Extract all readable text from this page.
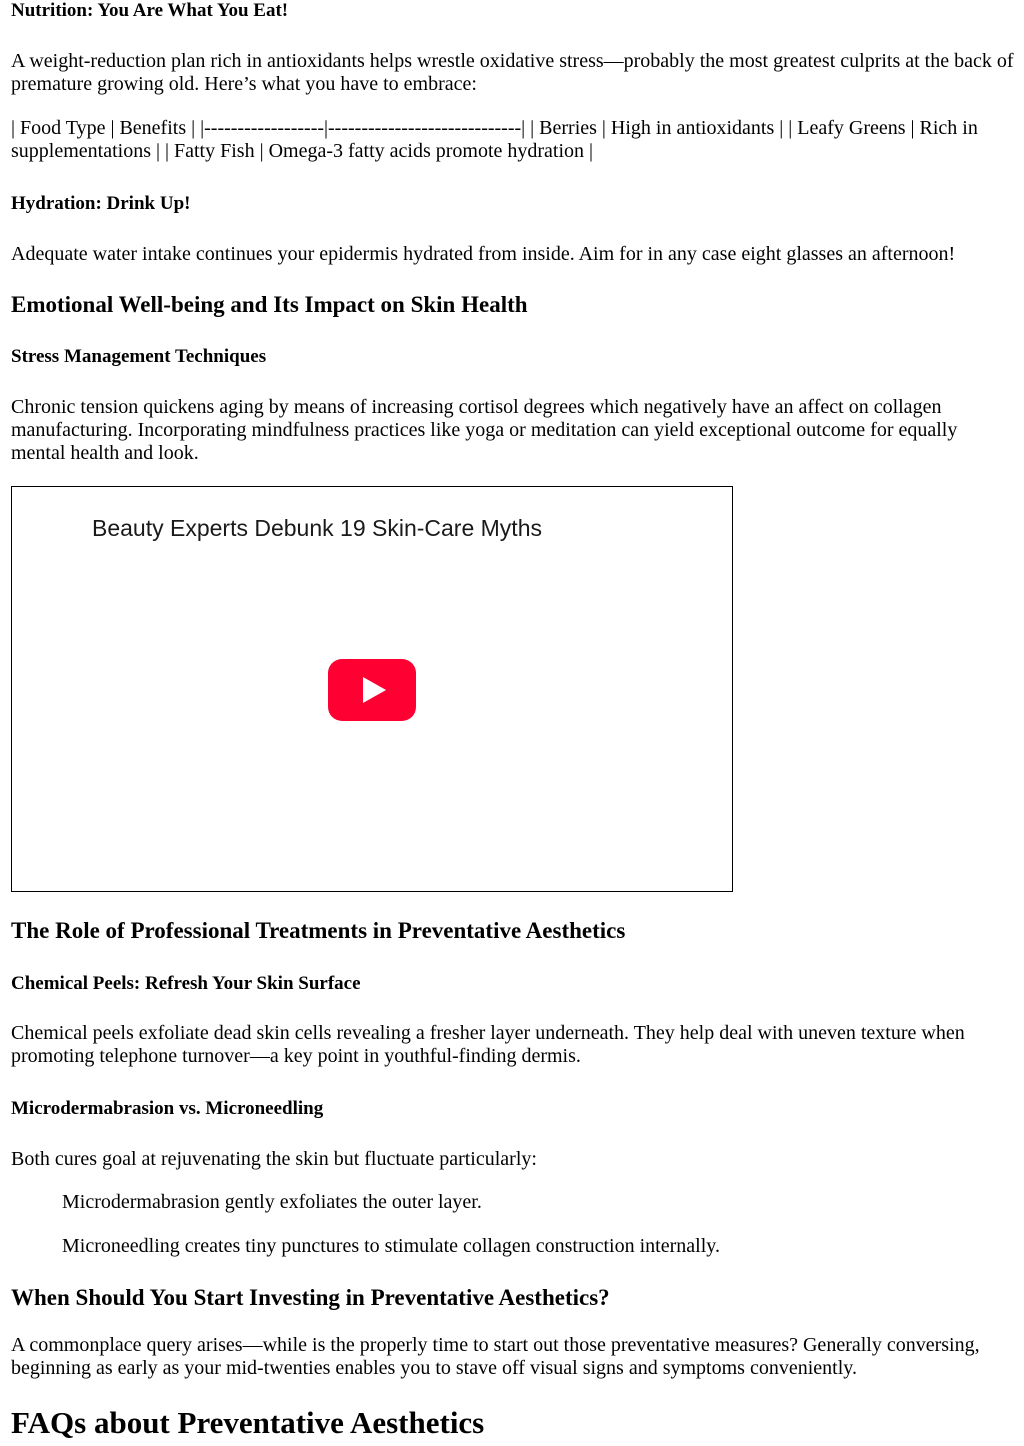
Nutrition: You Are What You Eat!

A weight-reduction plan rich in antioxidants helps wrestle oxidative stress—probably the most greatest culprits at the back of premature growing old. Here’s what you have to embrace:

| Food Type | Benefits | |------------------|-----------------------------| | Berries | High in antioxidants | | Leafy Greens | Rich in supplementations | | Fatty Fish | Omega-3 fatty acids promote hydration |

Hydration: Drink Up!

Adequate water intake continues your epidermis hydrated from inside. Aim for in any case eight glasses an afternoon!

Emotional Well-being and Its Impact on Skin Health
Stress Management Techniques

Chronic tension quickens aging by means of increasing cortisol degrees which negatively have an affect on collagen manufacturing. Incorporating mindfulness practices like yoga or meditation can yield exceptional outcome for equally mental health and look.

Beauty Experts Debunk 19 Skin-Care Myths
The Role of Professional Treatments in Preventative Aesthetics
Chemical Peels: Refresh Your Skin Surface

Chemical peels exfoliate dead skin cells revealing a fresher layer underneath. They help deal with uneven texture when promoting telephone turnover—a key point in youthful-finding dermis.

Microdermabrasion vs. Microneedling

Both cures goal at rejuvenating the skin but fluctuate particularly:

Microdermabrasion gently exfoliates the outer layer.
Microneedling creates tiny punctures to stimulate collagen construction internally.
When Should You Start Investing in Preventative Aesthetics?

A commonplace query arises—while is the properly time to start out those preventative measures? Generally conversing, beginning as early as your mid-twenties enables you to stave off visual signs and symptoms conveniently.

FAQs about Preventative Aesthetics
